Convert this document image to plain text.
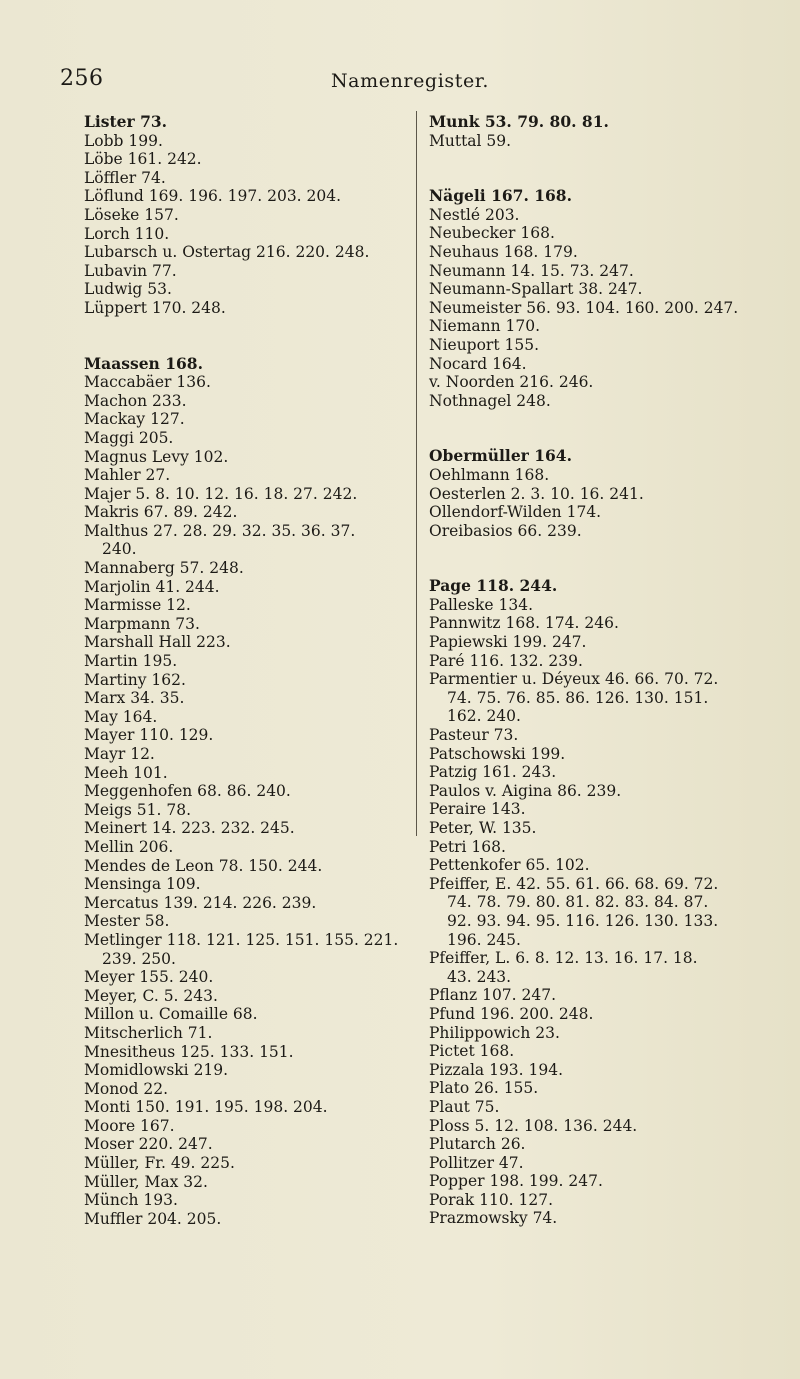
256	Namenregister.
Lister 73.
Lobb 199.
Löbe 161. 242.
Löffler 74.
Löflund 169. 196. 197. 203. 204.
Löseke 157.
Lorch 110.
Lubarsch u. Ostertag 216. 220. 248.
Lubavin 77.
Ludwig 53.
Lüppert 170. 248.
Maassen 168.
Maccabäer 136.
Machon 233.
Mackay 127.
Maggi 205.
Magnus Levy 102.
Mahler 27.
Majer 5. 8. 10. 12. 16. 18. 27. 242.
Makris 67. 89. 242.
Malthus 27. 28. 29. 32. 35. 36. 37.
240.
Mannaberg 57. 248.
Marjolin 41. 244.
Marmisse 12.
Marpmann 73.
Marshall Hall 223.
Martin 195.
Martiny 162.
Marx 34. 35.
May 164.
Mayer 110. 129.
Mayr 12.
Meeh 101.
Meggenhofen 68. 86. 240.
Meigs 51. 78.
Meinert 14. 223. 232. 245.
Mellin 206.
Mendes de Leon 78. 150. 244.
Mensinga 109.
Mercatus 139. 214. 226. 239.
Mester 58.
Metlinger 118. 121. 125. 151. 155. 221.
239. 250.
Meyer 155. 240.
Meyer, C. 5. 243.
Millon u. Comaille 68.
Mitscherlich 71.
Mnesitheus 125. 133. 151.
Momidlowski 219.
Monod 22.
Monti 150. 191. 195. 198. 204.
Moore 167.
Moser 220. 247.
Müller, Fr. 49. 225.
Müller, Max 32.
Münch 193.
Muffler 204. 205.
Munk 53. 79. 80. 81.
Muttal 59.
Nägeli 167. 168.
Nestlé 203.
Neubecker 168.
Neuhaus 168. 179.
Neumann 14. 15. 73. 247.
Neumann-Spallart 38. 247.
Neumeister 56. 93. 104. 160. 200. 247.
Niemann 170.
Nieuport 155.
Nocard 164.
v. Noorden 216. 246.
Nothnagel 248.
Obermüller 164.
Oehlmann 168.
Oesterlen 2. 3. 10. 16. 241.
Ollendorf-Wilden 174.
Oreibasios 66. 239.
Page 118. 244.
Palleske 134.
Pannwitz 168. 174. 246.
Papiewski 199. 247.
Paré 116. 132. 239.
Parmentier u. Déyeux 46. 66. 70. 72.
74. 75. 76. 85. 86. 126. 130. 151.
162. 240.
Pasteur 73.
Patschowski 199.
Patzig 161. 243.
Paulos v. Aigina 86. 239.
Peraire 143.
Peter, W. 135.
Petri 168.
Pettenkofer 65. 102.
Pfeiffer, E. 42. 55. 61. 66. 68. 69. 72.
74. 78. 79. 80. 81. 82. 83. 84. 87.
92. 93. 94. 95. 116. 126. 130. 133.
196. 245.
Pfeiffer, L. 6. 8. 12. 13. 16. 17. 18.
43. 243.
Pflanz 107. 247.
Pfund 196. 200. 248.
Philippowich 23.
Pictet 168.
Pizzala 193. 194.
Plato 26. 155.
Plaut 75.
Ploss 5. 12. 108. 136. 244.
Plutarch 26.
Pollitzer 47.
Popper 198. 199. 247.
Porak 110. 127.
Prazmowsky 74.
